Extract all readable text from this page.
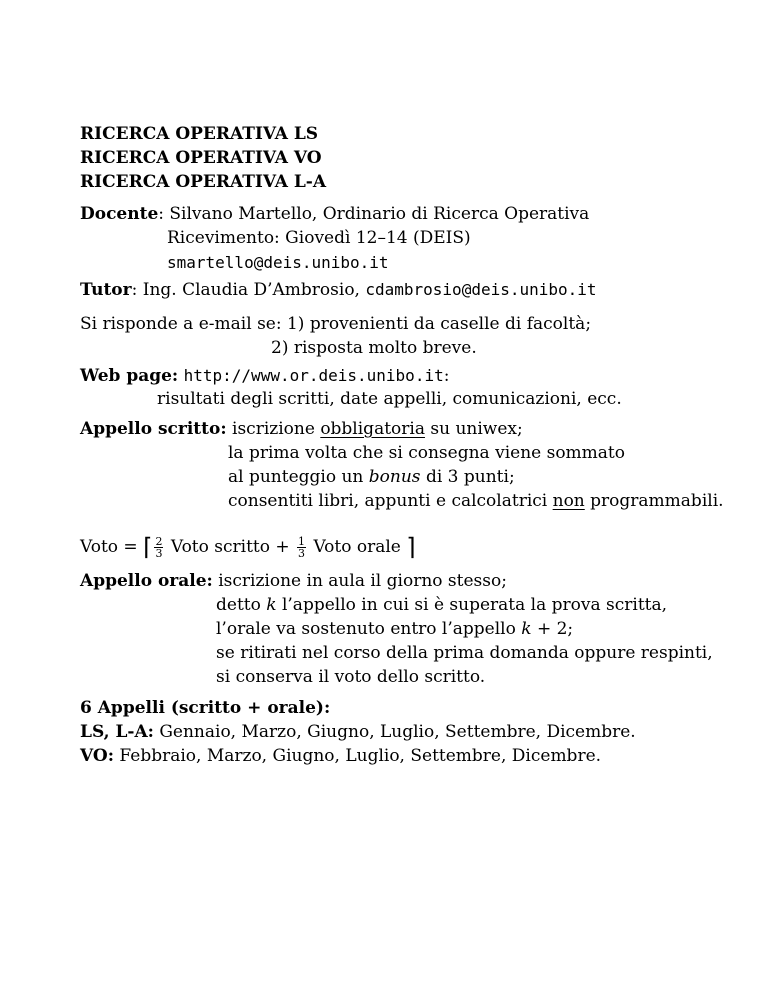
RICERCA OPERATIVA LS
RICERCA OPERATIVA VO
RICERCA OPERATIVA L-A
Docente: Silvano Martello, Ordinario di Ricerca Operativa
Ricevimento: Giovedì 12–14 (DEIS)
smartello@deis.unibo.it
Tutor: Ing. Claudia D’Ambrosio, cdambrosio@deis.unibo.it
Si risponde a e-mail se: 1) provenienti da caselle di facoltà;
2) risposta molto breve.
Web page: http://www.or.deis.unibo.it:
risultati degli scritti, date appelli, comunicazioni, ecc.
Appello scritto: iscrizione obbligatoria su uniwex;
la prima volta che si consegna viene sommato
al punteggio un bonus di 3 punti;
consentiti libri, appunti e calcolatrici non programmabili.
Voto = ⌈ $\frac{2}{3}$ Voto scritto + $\frac{1}{3}$ Voto orale ⌉
Appello orale: iscrizione in aula il giorno stesso;
detto k l’appello in cui si è superata la prova scritta,
l’orale va sostenuto entro l’appello k + 2;
se ritirati nel corso della prima domanda oppure respinti,
si conserva il voto dello scritto.
6 Appelli (scritto + orale):
LS, L-A: Gennaio, Marzo, Giugno, Luglio, Settembre, Dicembre.
VO: Febbraio, Marzo, Giugno, Luglio, Settembre, Dicembre.
